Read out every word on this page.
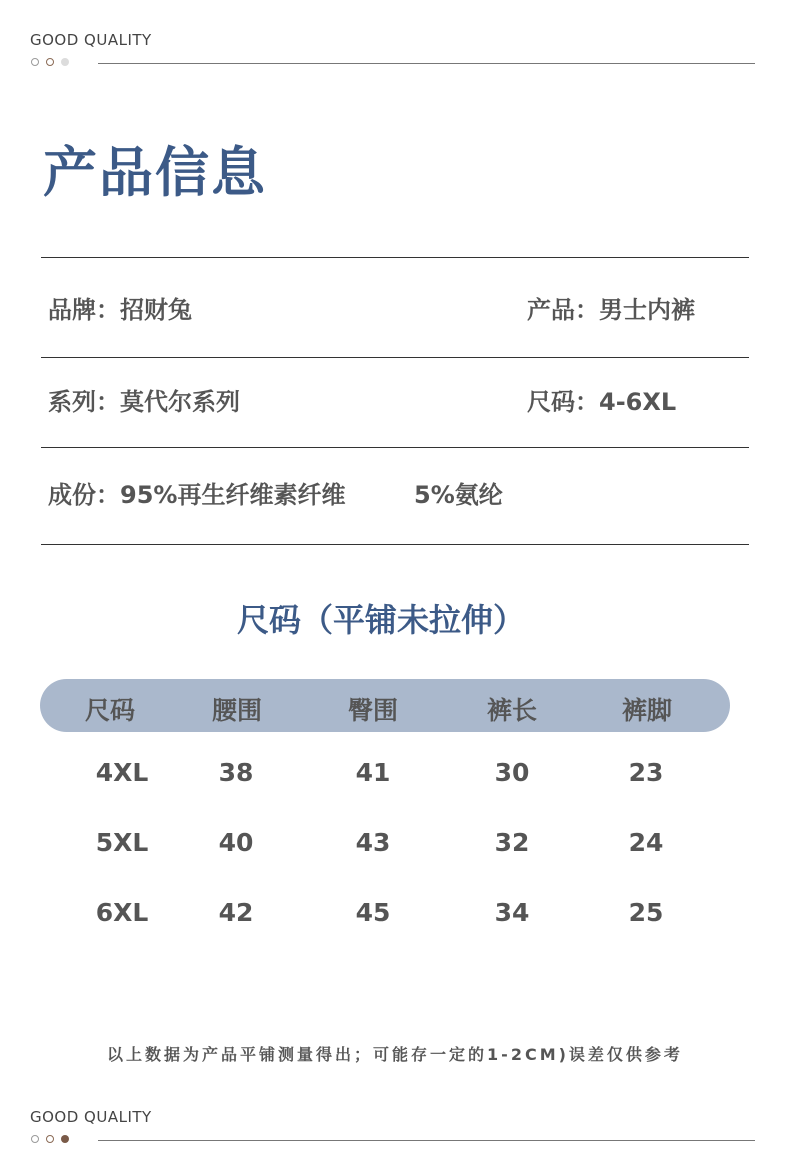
GOOD QUALITY
产品信息
品牌：招财兔	产品：男士内裤
系列：莫代尔系列	尺码：4-6XL
成份：95%再生纤维素纤维	5%氨纶
尺码（平铺未拉伸）
尺码	腰围	臀围	裤长	裤脚
4XL	38	41	30	23
5XL	40	43	32	24
6XL	42	45	34	25
以上数据为产品平铺测量得出；可能存一定的1-2CM)误差仅供参考
GOOD QUALITY
